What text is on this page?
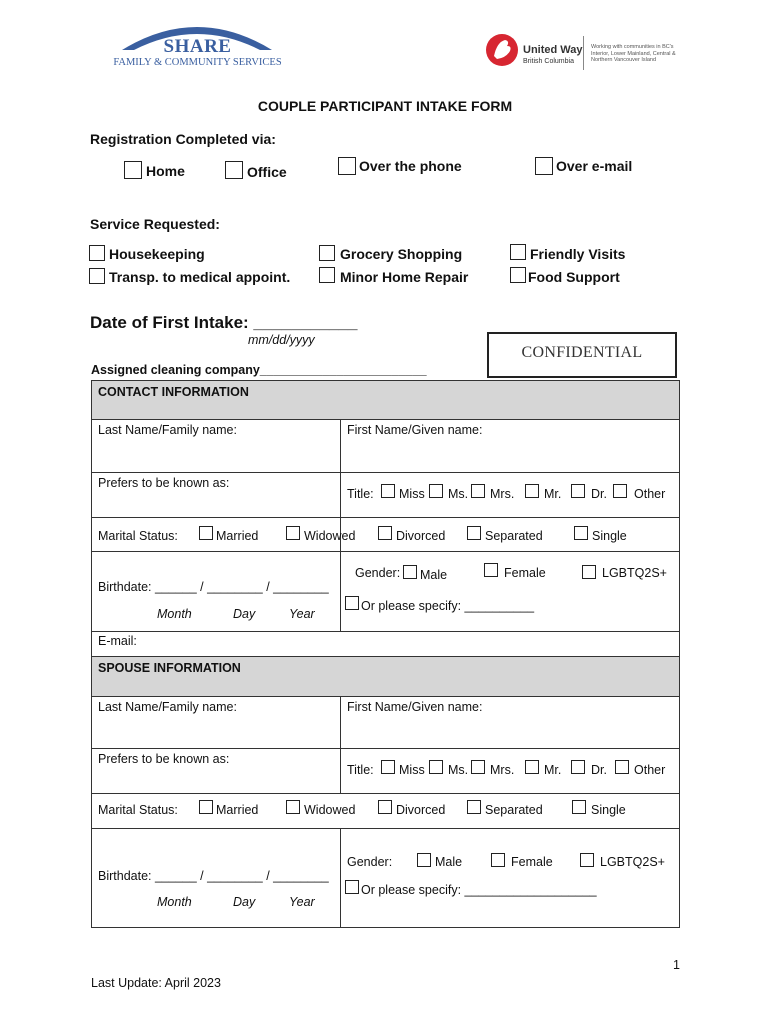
SHARE
FAMILY & COMMUNITY SERVICES
United Way
British Columbia
Working with communities in BC's Interior, Lower Mainland, Central & Northern Vancouver Island
COUPLE PARTICIPANT INTAKE FORM
Registration Completed via:
Home	Office	Over the phone	Over e-mail
Service Requested:
Housekeeping
Transp. to medical appoint.
Grocery Shopping
Minor Home Repair
Friendly Visits
Food Support
Date of First Intake: ___________
mm/dd/yyyy
CONFIDENTIAL
Assigned cleaning company________________________
CONTACT INFORMATION
Last Name/Family name:	First Name/Given name:
Prefers to be known as:
Title: Miss Ms. Mrs. Mr. Dr. Other
Marital Status:	Married	Widowed	Divorced	Separated	Single
Birthdate: ______ / ________ / ________
Month	Day	Year
Gender: Male	Female	LGBTQ2S+
Or please specify: __________
E-mail:
SPOUSE INFORMATION
Last Name/Family name:	First Name/Given name:
Prefers to be known as:
Title: Miss Ms. Mrs. Mr. Dr. Other
Marital Status:	Married	Widowed	Divorced	Separated	Single
Birthdate: ______ / ________ / ________
Month	Day	Year
Gender:	Male	Female	LGBTQ2S+
Or please specify: ___________________
1
Last Update: April 2023
